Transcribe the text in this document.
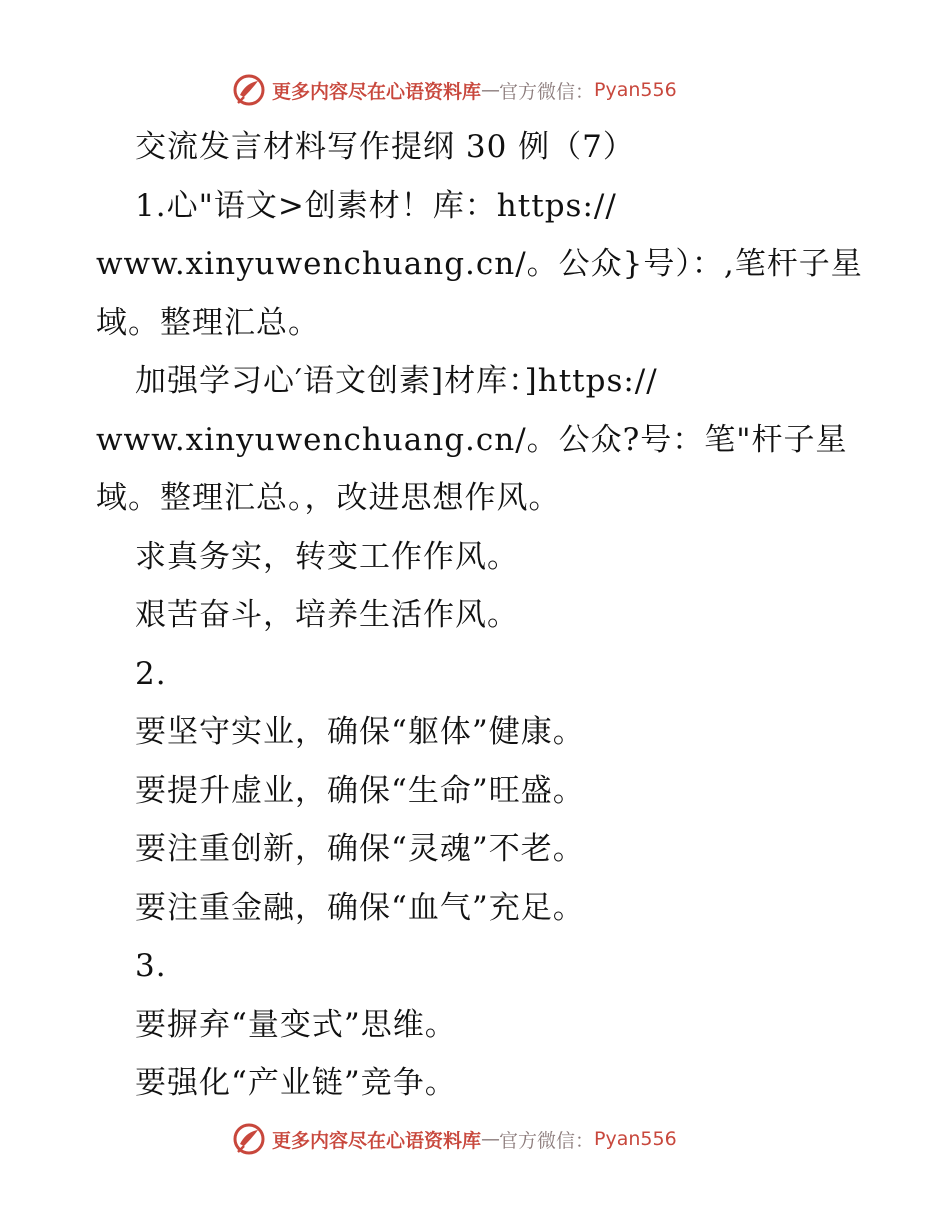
更多内容尽在心语资料库 — 官方微信： Pyan556
交流发言材料写作提纲 30 例（7）
1.心"语文>创素材！库：https://
www.xinyuwenchuang.cn/。公众}号）：,笔杆子星
域。整理汇总。
加强学习心′语文创素]材库：]https://
www.xinyuwenchuang.cn/。公众?号：笔"杆子星
域。整理汇总。，改进思想作风。
求真务实，转变工作作风。
艰苦奋斗，培养生活作风。
2.
要坚守实业，确保“躯体”健康。
要提升虚业，确保“生命”旺盛。
要注重创新，确保“灵魂”不老。
要注重金融，确保“血气”充足。
3.
要摒弃“量变式”思维。
要强化“产业链”竞争。
更多内容尽在心语资料库 — 官方微信： Pyan556
